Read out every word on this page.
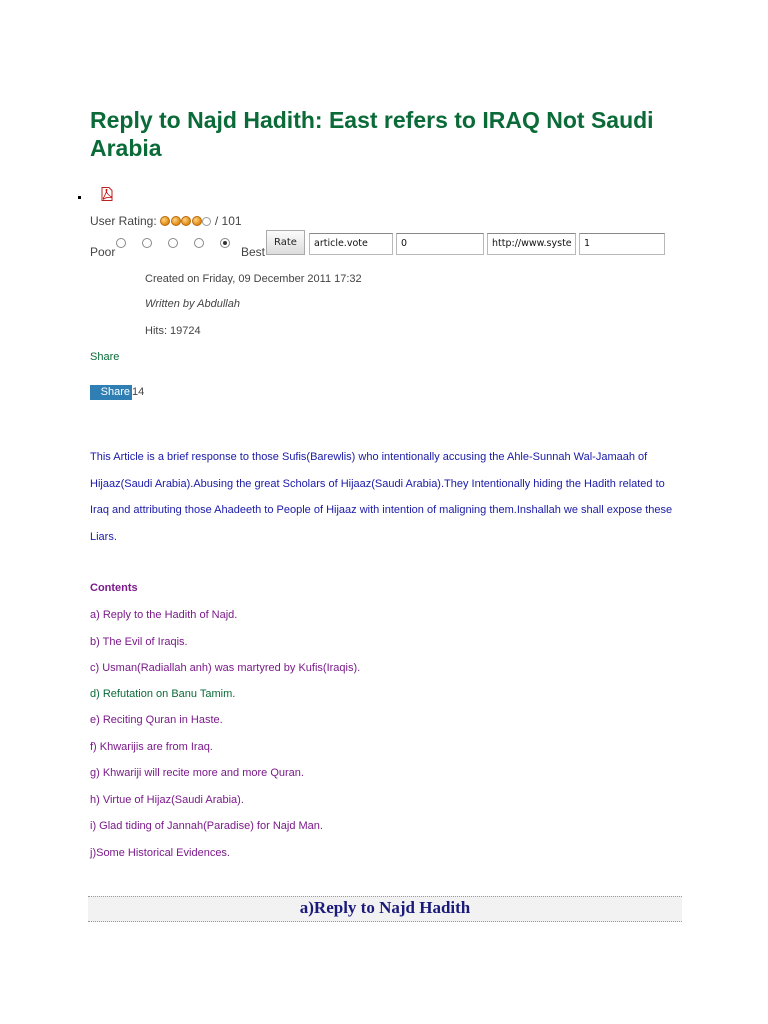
Reply to Najd Hadith: East refers to IRAQ Not Saudi Arabia
User Rating:	/ 101
Poor	Best
Rate	article.vote	0	http://www.syste	1
Created on Friday, 09 December 2011 17:32
Written by Abdullah
Hits: 19724
Share
Share 14

This Article is a brief response to those Sufis(Barewlis) who intentionally accusing the Ahle-Sunnah Wal-Jamaah of Hijaaz(Saudi Arabia).Abusing the great Scholars of Hijaaz(Saudi Arabia).They Intentionally hiding the Hadith related to Iraq and attributing those Ahadeeth to People of Hijaaz with intention of maligning them.Inshallah we shall expose these Liars.

Contents
a) Reply to the Hadith of Najd.
b) The Evil of Iraqis.
c) Usman(Radiallah anh) was martyred by Kufis(Iraqis).
d) Refutation on Banu Tamim.
e) Reciting Quran in Haste.
f) Khwarijis are from Iraq.
g) Khwariji will recite more and more Quran.
h) Virtue of Hijaz(Saudi Arabia).
i) Glad tiding of Jannah(Paradise) for Najd Man.
j)Some Historical Evidences.
a)Reply to Najd Hadith
